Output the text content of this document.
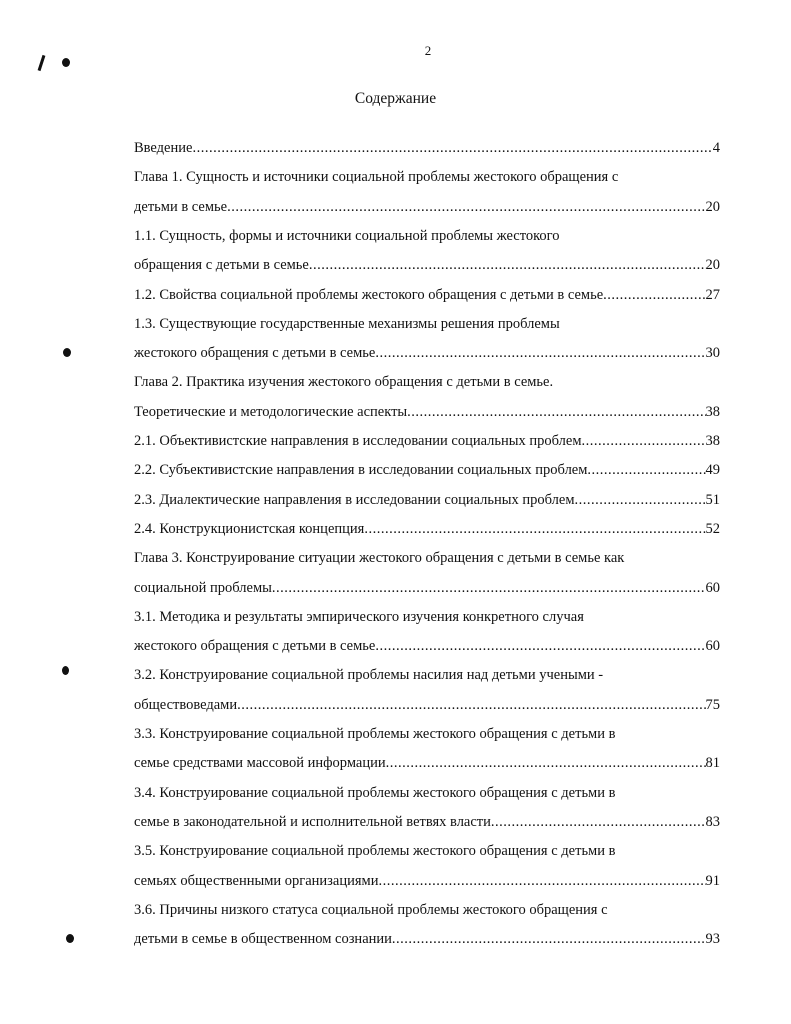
2
Содержание
Введение .....	4
Глава 1. Сущность и источники социальной проблемы жестокого обращения с
детьми в семье .....	20
1.1. Сущность, формы и источники социальной проблемы жестокого
обращения с детьми в семье .....	20
1.2. Свойства социальной проблемы жестокого обращения с детьми в семье .....	27
1.3. Существующие государственные механизмы решения проблемы
жестокого обращения с детьми в семье .....	30
Глава 2. Практика изучения жестокого обращения с детьми в семье.
Теоретические и методологические аспекты .....	38
2.1. Объективистские направления в исследовании социальных проблем .....	38
2.2. Субъективистские направления в исследовании социальных проблем .....	49
2.3. Диалектические направления в исследовании социальных проблем .....	51
2.4. Конструкционистская концепция .....	52
Глава 3. Конструирование ситуации жестокого обращения с детьми в семье как
социальной проблемы .....	60
3.1. Методика и результаты эмпирического изучения конкретного случая
жестокого обращения с детьми в семье .....	60
3.2. Конструирование социальной проблемы насилия над детьми учеными -
обществоведами .....	75
3.3. Конструирование социальной проблемы жестокого обращения с детьми в
семье средствами массовой информации .....	81
3.4. Конструирование социальной проблемы жестокого обращения с детьми в
семье в законодательной и исполнительной ветвях власти .....	83
3.5. Конструирование социальной проблемы жестокого обращения с детьми в
семьях общественными организациями .....	91
3.6. Причины низкого статуса социальной проблемы жестокого обращения с
детьми в семье в общественном сознании .....	93
